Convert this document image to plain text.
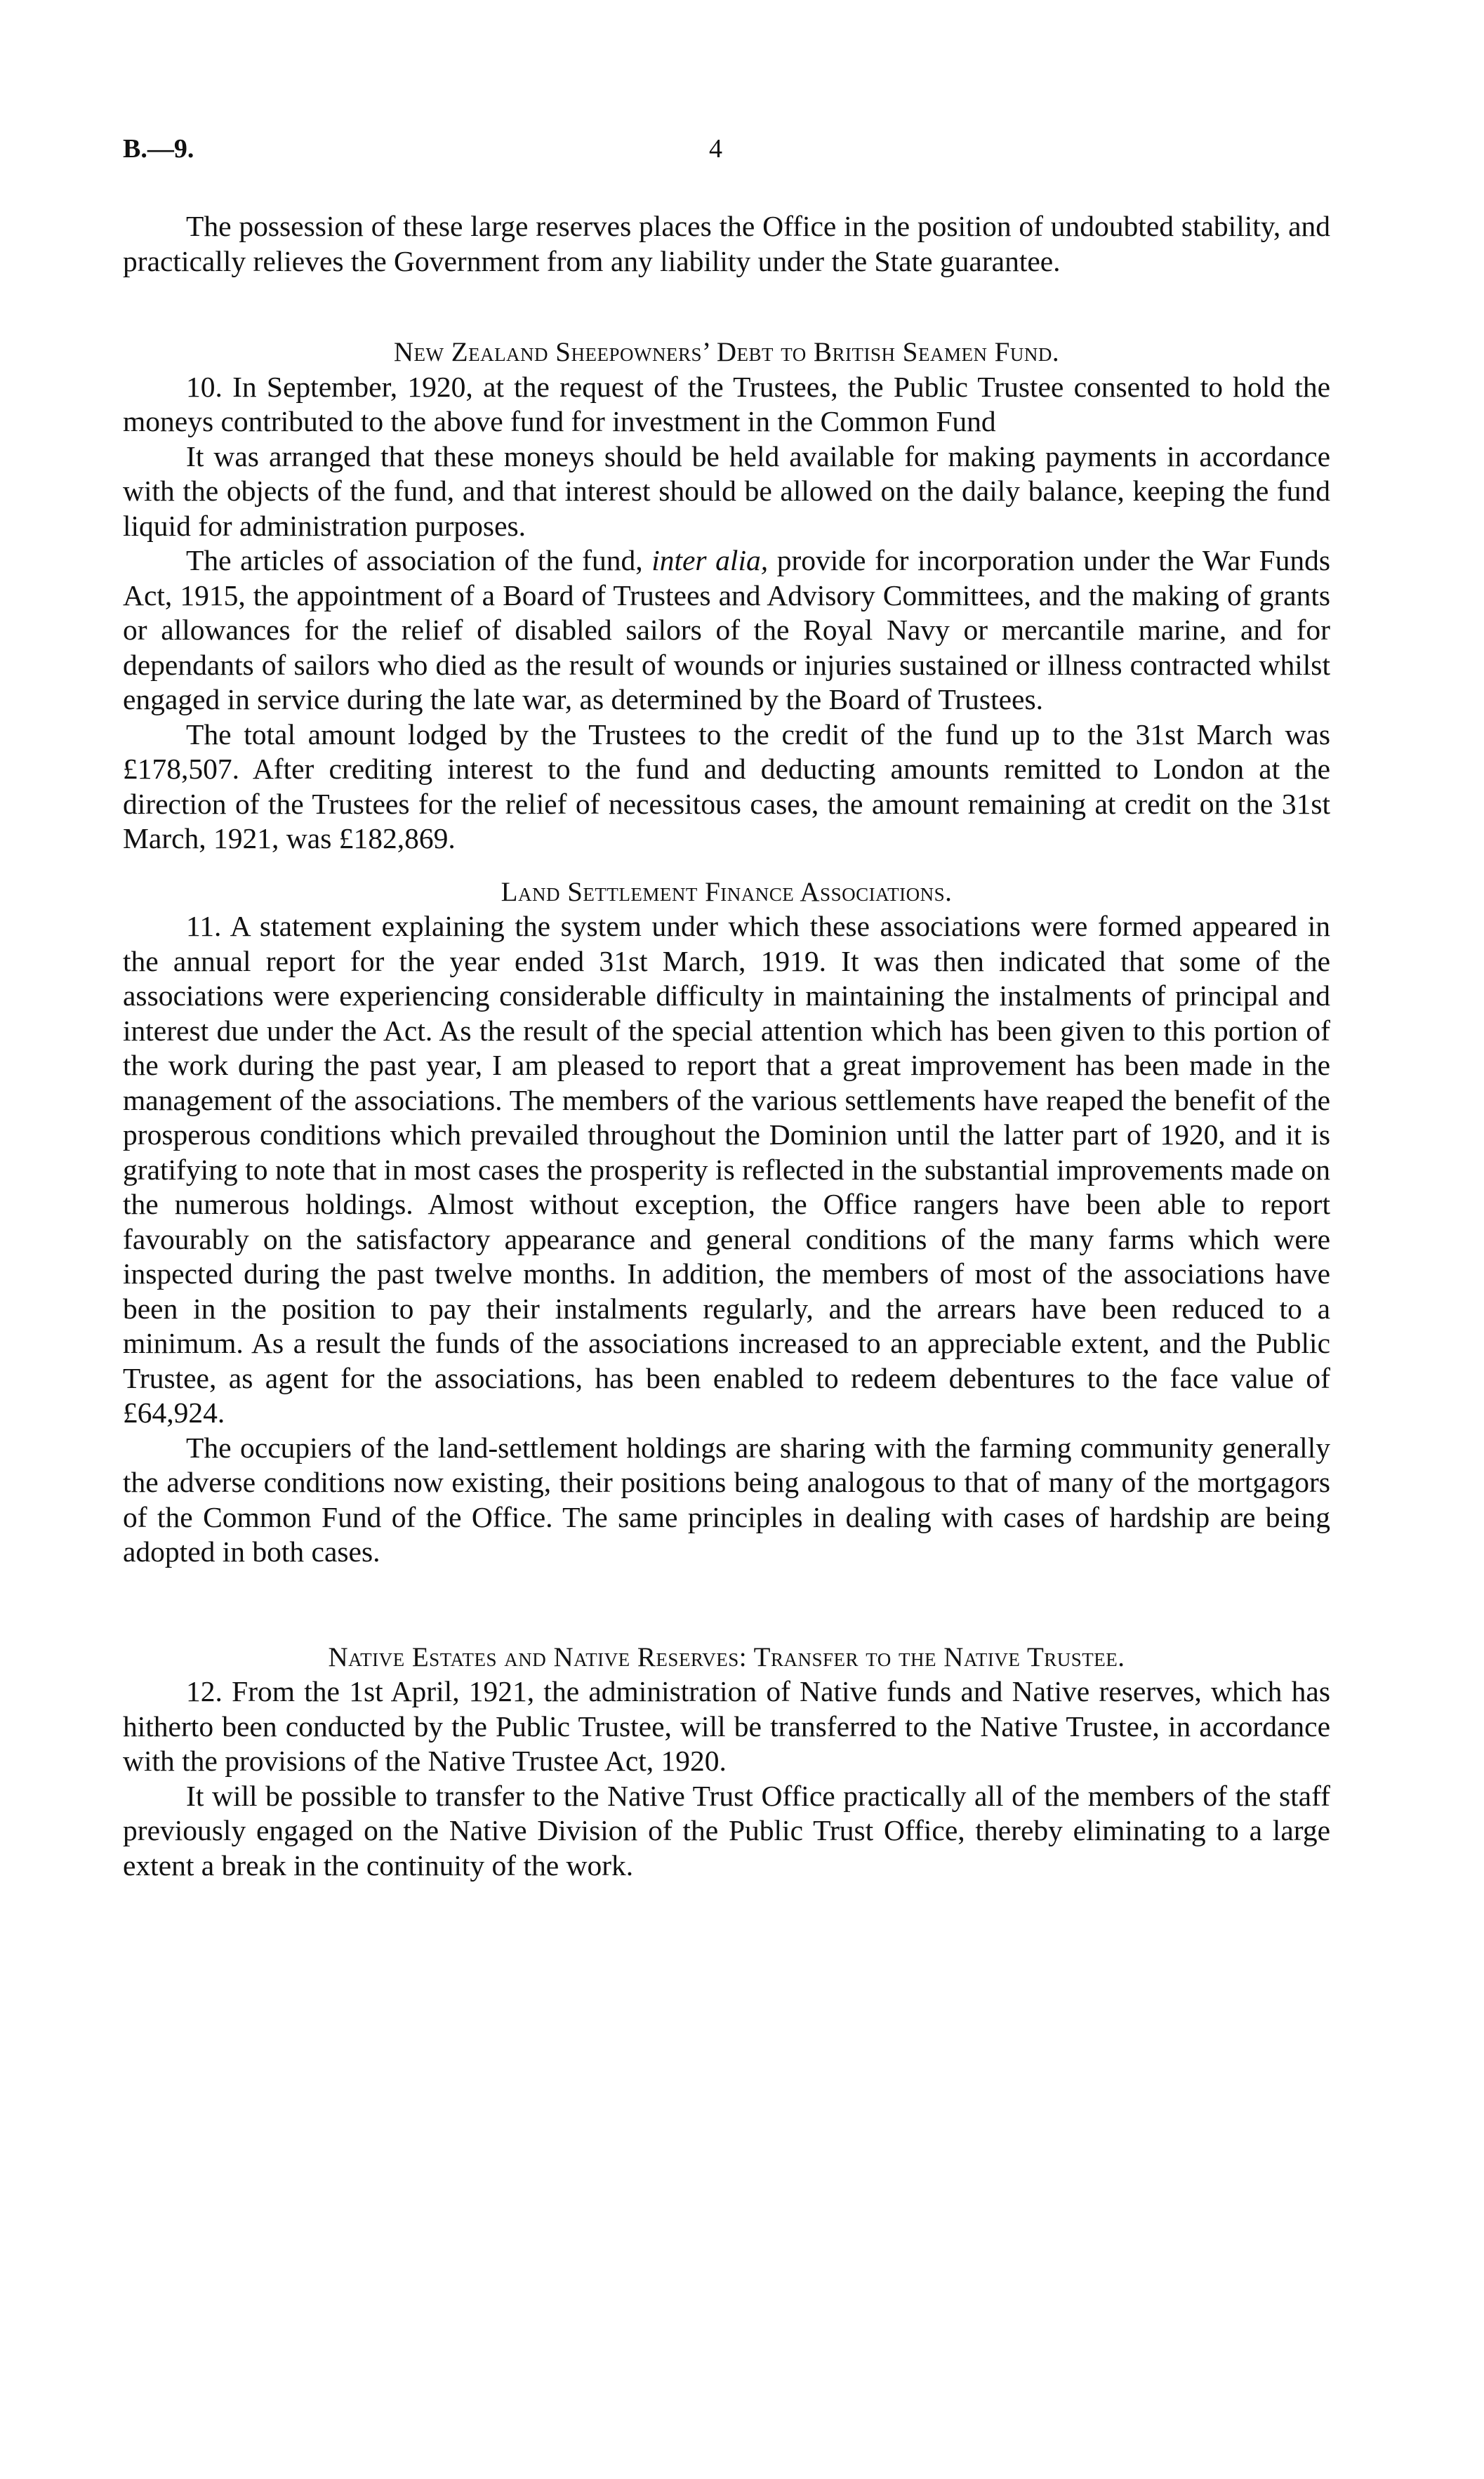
B.—9.	4

The possession of these large reserves places the Office in the position of undoubted stability, and practically relieves the Government from any liability under the State guarantee.

New Zealand Sheepowners’ Debt to British Seamen Fund.

10. In September, 1920, at the request of the Trustees, the Public Trustee consented to hold the moneys contributed to the above fund for investment in the Common Fund

It was arranged that these moneys should be held available for making payments in accordance with the objects of the fund, and that interest should be allowed on the daily balance, keeping the fund liquid for administration purposes.

The articles of association of the fund, inter alia, provide for incorporation under the War Funds Act, 1915, the appointment of a Board of Trustees and Advisory Committees, and the making of grants or allowances for the relief of disabled sailors of the Royal Navy or mercantile marine, and for dependants of sailors who died as the result of wounds or injuries sustained or illness contracted whilst engaged in service during the late war, as determined by the Board of Trustees.

The total amount lodged by the Trustees to the credit of the fund up to the 31st March was £178,507. After crediting interest to the fund and deducting amounts remitted to London at the direction of the Trustees for the relief of necessitous cases, the amount remaining at credit on the 31st March, 1921, was £182,869.

Land Settlement Finance Associations.

11. A statement explaining the system under which these associations were formed appeared in the annual report for the year ended 31st March, 1919. It was then indicated that some of the associations were experiencing considerable difficulty in maintaining the instalments of principal and interest due under the Act. As the result of the special attention which has been given to this portion of the work during the past year, I am pleased to report that a great improvement has been made in the management of the associations. The members of the various settlements have reaped the benefit of the prosperous conditions which prevailed throughout the Dominion until the latter part of 1920, and it is gratifying to note that in most cases the prosperity is reflected in the substantial improvements made on the numerous holdings. Almost without exception, the Office rangers have been able to report favourably on the satisfactory appearance and general conditions of the many farms which were inspected during the past twelve months. In addition, the members of most of the associations have been in the position to pay their instalments regularly, and the arrears have been reduced to a minimum. As a result the funds of the associations increased to an appreciable extent, and the Public Trustee, as agent for the associations, has been enabled to redeem debentures to the face value of £64,924.

The occupiers of the land-settlement holdings are sharing with the farming community generally the adverse conditions now existing, their positions being analogous to that of many of the mortgagors of the Common Fund of the Office. The same principles in dealing with cases of hardship are being adopted in both cases.

Native Estates and Native Reserves: Transfer to the Native Trustee.

12. From the 1st April, 1921, the administration of Native funds and Native reserves, which has hitherto been conducted by the Public Trustee, will be transferred to the Native Trustee, in accordance with the provisions of the Native Trustee Act, 1920.

It will be possible to transfer to the Native Trust Office practically all of the members of the staff previously engaged on the Native Division of the Public Trust Office, thereby eliminating to a large extent a break in the continuity of the work.
